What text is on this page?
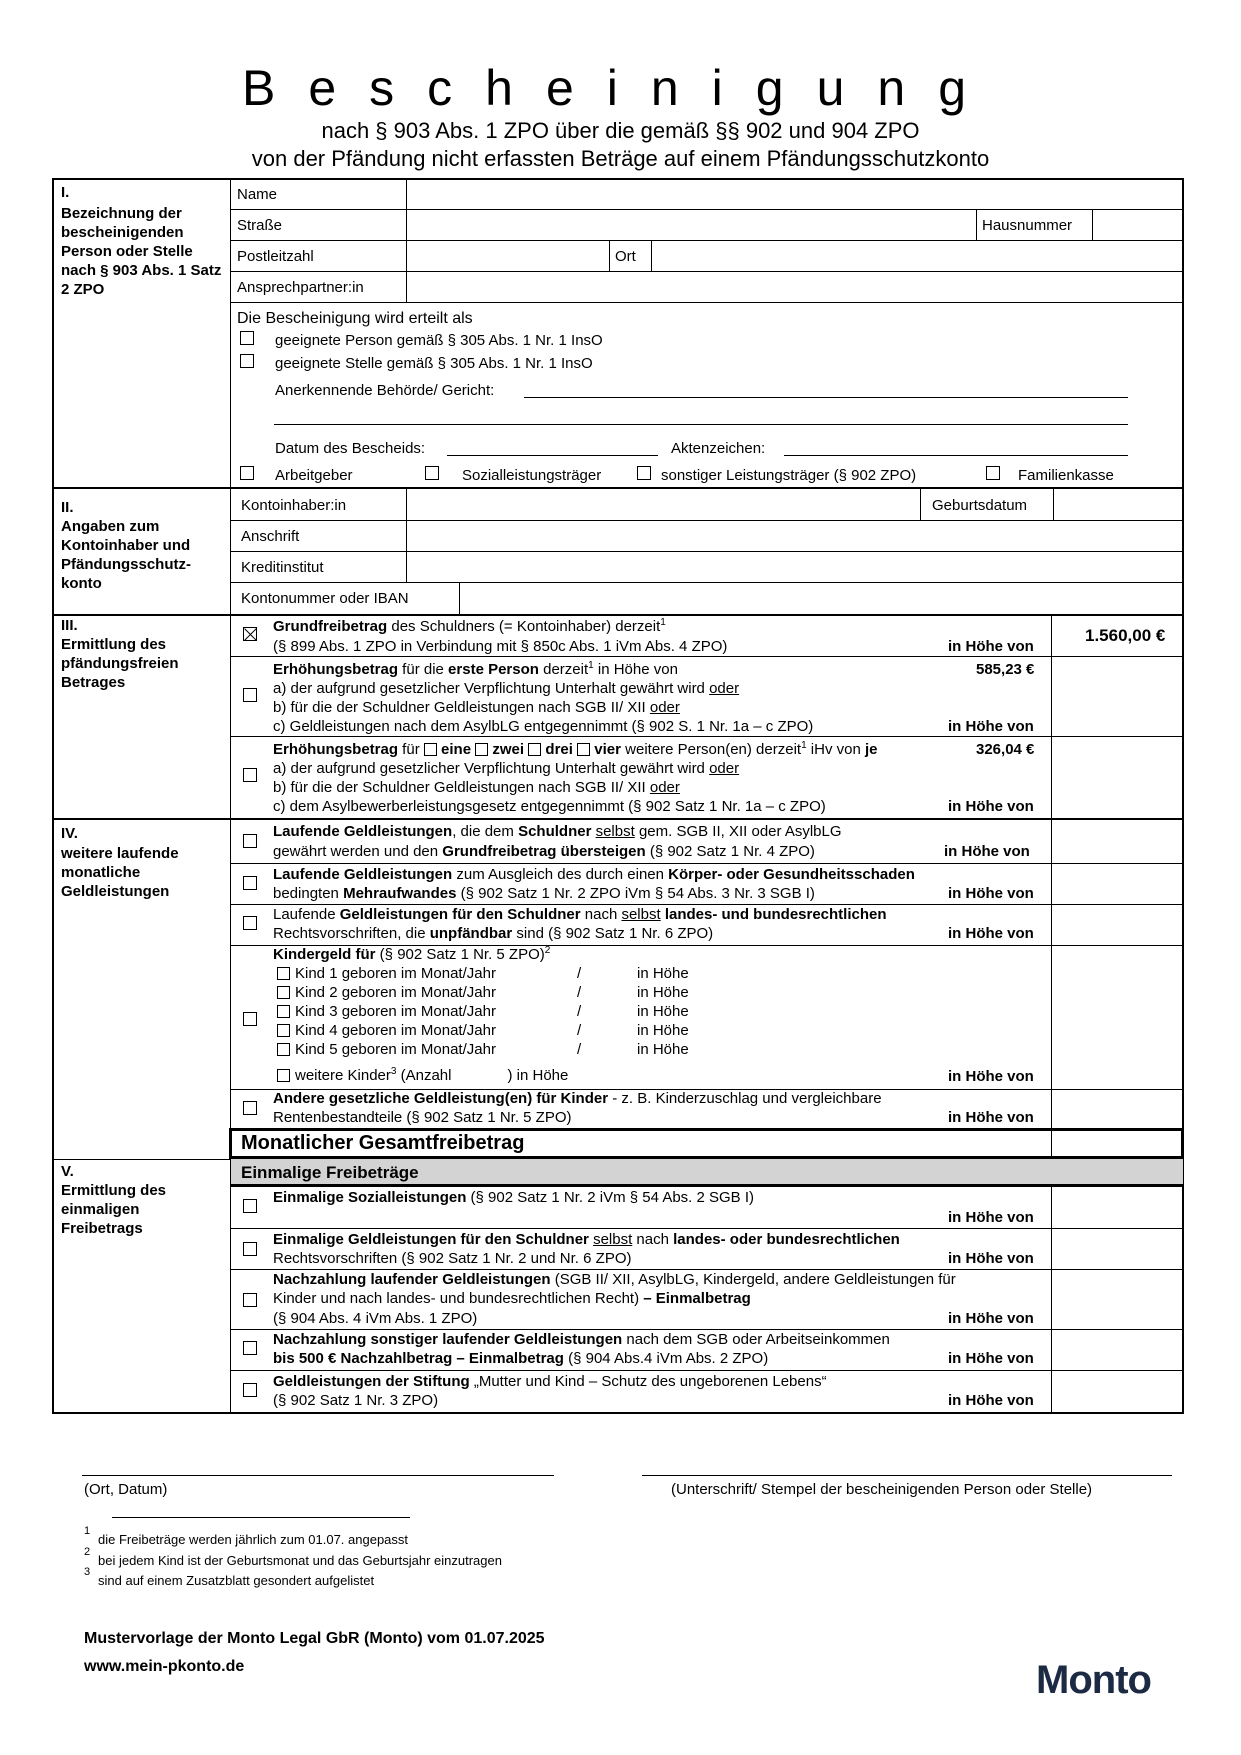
Bescheinigung
nach § 903 Abs. 1 ZPO über die gemäß §§ 902 und 904 ZPO
von der Pfändung nicht erfassten Beträge auf einem Pfändungsschutzkonto
I.
Bezeichnung der bescheinigenden Person oder Stelle nach § 903 Abs. 1 Satz 2 ZPO
Name
Straße	Hausnummer
Postleitzahl	Ort
Ansprechpartner:in
Die Bescheinigung wird erteilt als
geeignete Person gemäß § 305 Abs. 1 Nr. 1 InsO
geeignete Stelle gemäß § 305 Abs. 1 Nr. 1 InsO
Anerkennende Behörde/ Gericht:
Datum des Bescheids:	Aktenzeichen:
Arbeitgeber	Sozialleistungsträger	sonstiger Leistungsträger (§ 902 ZPO)	Familienkasse
II.
Angaben zum Kontoinhaber und Pfändungsschutz-konto
Kontoinhaber:in	Geburtsdatum
Anschrift
Kreditinstitut
Kontonummer oder IBAN
III.
Ermittlung des pfändungsfreien Betrages
Grundfreibetrag des Schuldners (= Kontoinhaber) derzeit$^1$
(§ 899 Abs. 1 ZPO in Verbindung mit § 850c Abs. 1 iVm Abs. 4 ZPO)	in Höhe von
1.560,00 €
Erhöhungsbetrag für die erste Person derzeit$^1$ in Höhe von	585,23 €
a) der aufgrund gesetzlicher Verpflichtung Unterhalt gewährt wird oder
b) für die der Schuldner Geldleistungen nach SGB II/ XII oder
c) Geldleistungen nach dem AsylbLG entgegennimmt (§ 902 S. 1 Nr. 1a – c ZPO)	in Höhe von
Erhöhungsbetrag für  eine zwei drei vier weitere Person(en) derzeit$^1$ iHv von je	326,04 €
a) der aufgrund gesetzlicher Verpflichtung Unterhalt gewährt wird oder
b) für die der Schuldner Geldleistungen nach SGB II/ XII oder
c) dem Asylbewerberleistungsgesetz entgegennimmt (§ 902 Satz 1 Nr. 1a – c ZPO)	in Höhe von
IV.
weitere laufende monatliche Geldleistungen
Laufende Geldleistungen, die dem Schuldner selbst gem. SGB II, XII oder AsylbLG
gewährt werden und den Grundfreibetrag übersteigen (§ 902 Satz 1 Nr. 4 ZPO)	in Höhe von
Laufende Geldleistungen zum Ausgleich des durch einen Körper- oder Gesundheitsschaden
bedingten Mehraufwandes (§ 902 Satz 1 Nr. 2 ZPO iVm § 54 Abs. 3 Nr. 3 SGB I)	in Höhe von
Laufende Geldleistungen für den Schuldner nach selbst landes- und bundesrechtlichen
Rechtsvorschriften, die unpfändbar sind (§ 902 Satz 1 Nr. 6 ZPO)	in Höhe von
Kindergeld für (§ 902 Satz 1 Nr. 5 ZPO)$^2$
Kind 1 geboren im Monat/Jahr	/	in Höhe
Kind 2 geboren im Monat/Jahr	/	in Höhe
Kind 3 geboren im Monat/Jahr	/	in Höhe
Kind 4 geboren im Monat/Jahr	/	in Höhe
Kind 5 geboren im Monat/Jahr	/	in Höhe
weitere Kinder$^3$ (Anzahl	) in Höhe	in Höhe von
Andere gesetzliche Geldleistung(en) für Kinder - z. B. Kinderzuschlag und vergleichbare
Rentenbestandteile (§ 902 Satz 1 Nr. 5 ZPO)	in Höhe von
Monatlicher Gesamtfreibetrag
V.
Ermittlung des einmaligen Freibetrags
Einmalige Freibeträge
Einmalige Sozialleistungen (§ 902 Satz 1 Nr. 2 iVm § 54 Abs. 2 SGB I)
in Höhe von
Einmalige Geldleistungen für den Schuldner selbst nach landes- oder bundesrechtlichen
Rechtsvorschriften (§ 902 Satz 1 Nr. 2 und Nr. 6 ZPO)	in Höhe von
Nachzahlung laufender Geldleistungen (SGB II/ XII, AsylbLG, Kindergeld, andere Geldleistungen für
Kinder und nach landes- und bundesrechtlichen Recht) – Einmalbetrag
(§ 904 Abs. 4 iVm Abs. 1 ZPO)	in Höhe von
Nachzahlung sonstiger laufender Geldleistungen nach dem SGB oder Arbeitseinkommen
bis 500 € Nachzahlbetrag – Einmalbetrag (§ 904 Abs.4 iVm Abs. 2 ZPO)	in Höhe von
Geldleistungen der Stiftung „Mutter und Kind – Schutz des ungeborenen Lebens“
(§ 902 Satz 1 Nr. 3 ZPO)	in Höhe von
(Ort, Datum)	(Unterschrift/ Stempel der bescheinigenden Person oder Stelle)
1
die Freibeträge werden jährlich zum 01.07. angepasst
2
bei jedem Kind ist der Geburtsmonat und das Geburtsjahr einzutragen
3
sind auf einem Zusatzblatt gesondert aufgelistet
Mustervorlage der Monto Legal GbR (Monto) vom 01.07.2025
www.mein-pkonto.de	Monto
